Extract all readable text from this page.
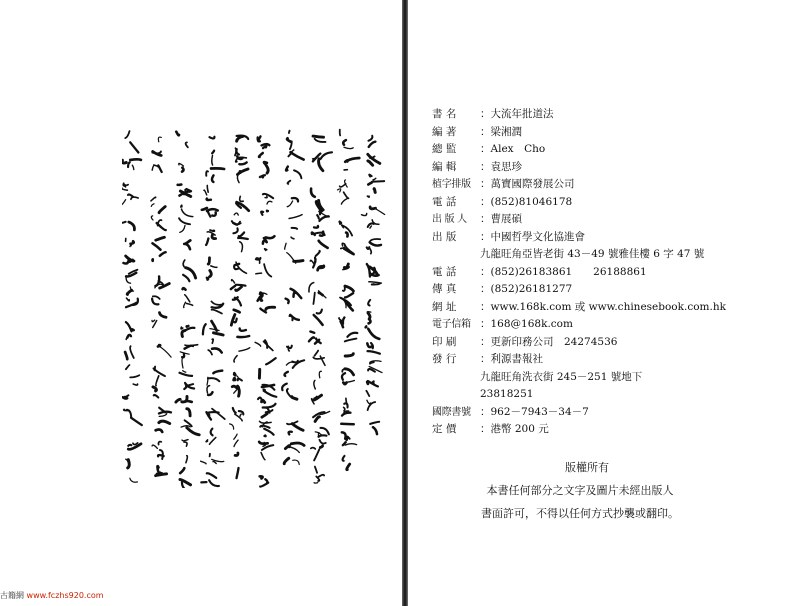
書 名	：大流年批道法
編 著	：梁湘潤
總 監	：Alex　Cho
編 輯	：袁思珍
植字排版 ：萬寶國際發展公司
電 話	：(852)81046178
出 版 人	：曹展碩
出 版	：中國哲學文化協進會
九龍旺角亞皆老街 43－49 號雅佳樓 6 字 47 號
電 話	：(852)26183861　　26188861
傳 真	：(852)26181277
網 址	：www.168k.com 或 www.chinesebook.com.hk
電子信箱 ：168@168k.com
印 刷	：更新印務公司　24274536
發 行	：利源書報社
九龍旺角洗衣街 245－251 號地下
23818251
國際書號 ：962－7943－34－7
定 價	：港幣 200 元
版權所有
本書任何部分之文字及圖片未經出版人
書面許可，不得以任何方式抄襲或翻印。
古籍網 www.fczhs920.com
